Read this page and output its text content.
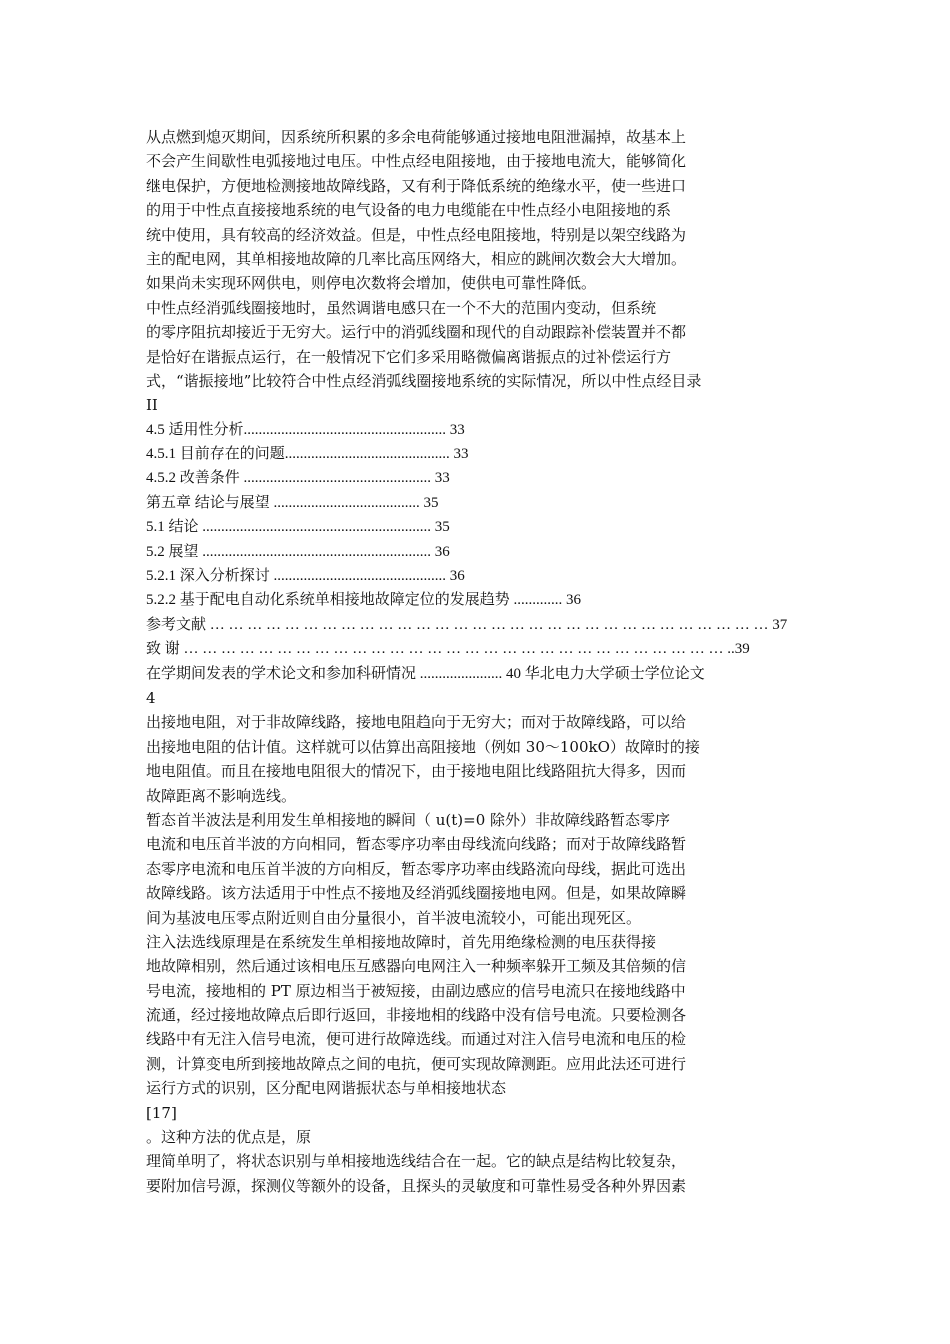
从点燃到熄灭期间，因系统所积累的多余电荷能够通过接地电阻泄漏掉，故基本上
不会产生间歇性电弧接地过电压。中性点经电阻接地，由于接地电流大，能够简化
继电保护，方便地检测接地故障线路，又有利于降低系统的绝缘水平，使一些进口
的用于中性点直接接地系统的电气设备的电力电缆能在中性点经小电阻接地的系
统中使用，具有较高的经济效益。但是，中性点经电阻接地，特别是以架空线路为
主的配电网，其单相接地故障的几率比高压网络大，相应的跳闸次数会大大增加。
如果尚未实现环网供电，则停电次数将会增加，使供电可靠性降低。
中性点经消弧线圈接地时，虽然调谐电感只在一个不大的范围内变动，但系统
的零序阻抗却接近于无穷大。运行中的消弧线圈和现代的自动跟踪补偿装置并不都
是恰好在谐振点运行，在一般情况下它们多采用略微偏离谐振点的过补偿运行方
式，“谐振接地”比较符合中性点经消弧线圈接地系统的实际情况，所以中性点经目录
II
4.5 适用性分析...................................................... 33
4.5.1 目前存在的问题............................................ 33
4.5.2 改善条件 .................................................. 33
第五章 结论与展望 ....................................... 35
5.1 结论 ............................................................. 35
5.2 展望 ............................................................. 36
5.2.1 深入分析探讨 .............................................. 36
5.2.2 基于配电自动化系统单相接地故障定位的发展趋势 ............. 36
参考文献 … … … … … … … … … … … … … … … … … … … … … … … … … … … … … … 37
致 谢 … … … … … … … … … … … … … … … … … … … … … … … … … … … … … ..39
在学期间发表的学术论文和参加科研情况 ...................... 40 华北电力大学硕士学位论文
4
出接地电阻，对于非故障线路，接地电阻趋向于无穷大；而对于故障线路，可以给
出接地电阻的估计值。这样就可以估算出高阻接地（例如 30～100kO）故障时的接
地电阻值。而且在接地电阻很大的情况下，由于接地电阻比线路阻抗大得多，因而
故障距离不影响选线。
暂态首半波法是利用发生单相接地的瞬间（ u(t)=0 除外）非故障线路暂态零序
电流和电压首半波的方向相同，暂态零序功率由母线流向线路；而对于故障线路暂
态零序电流和电压首半波的方向相反，暂态零序功率由线路流向母线，据此可选出
故障线路。该方法适用于中性点不接地及经消弧线圈接地电网。但是，如果故障瞬
间为基波电压零点附近则自由分量很小，首半波电流较小，可能出现死区。
注入法选线原理是在系统发生单相接地故障时，首先用绝缘检测的电压获得接
地故障相别，然后通过该相电压互感器向电网注入一种频率躲开工频及其倍频的信
号电流，接地相的 PT 原边相当于被短接，由副边感应的信号电流只在接地线路中
流通，经过接地故障点后即行返回，非接地相的线路中没有信号电流。只要检测各
线路中有无注入信号电流，便可进行故障选线。而通过对注入信号电流和电压的检
测，计算变电所到接地故障点之间的电抗，便可实现故障测距。应用此法还可进行
运行方式的识别，区分配电网谐振状态与单相接地状态
[17]
。这种方法的优点是，原
理简单明了，将状态识别与单相接地选线结合在一起。它的缺点是结构比较复杂，
要附加信号源，探测仪等额外的设备，且探头的灵敏度和可靠性易受各种外界因素
